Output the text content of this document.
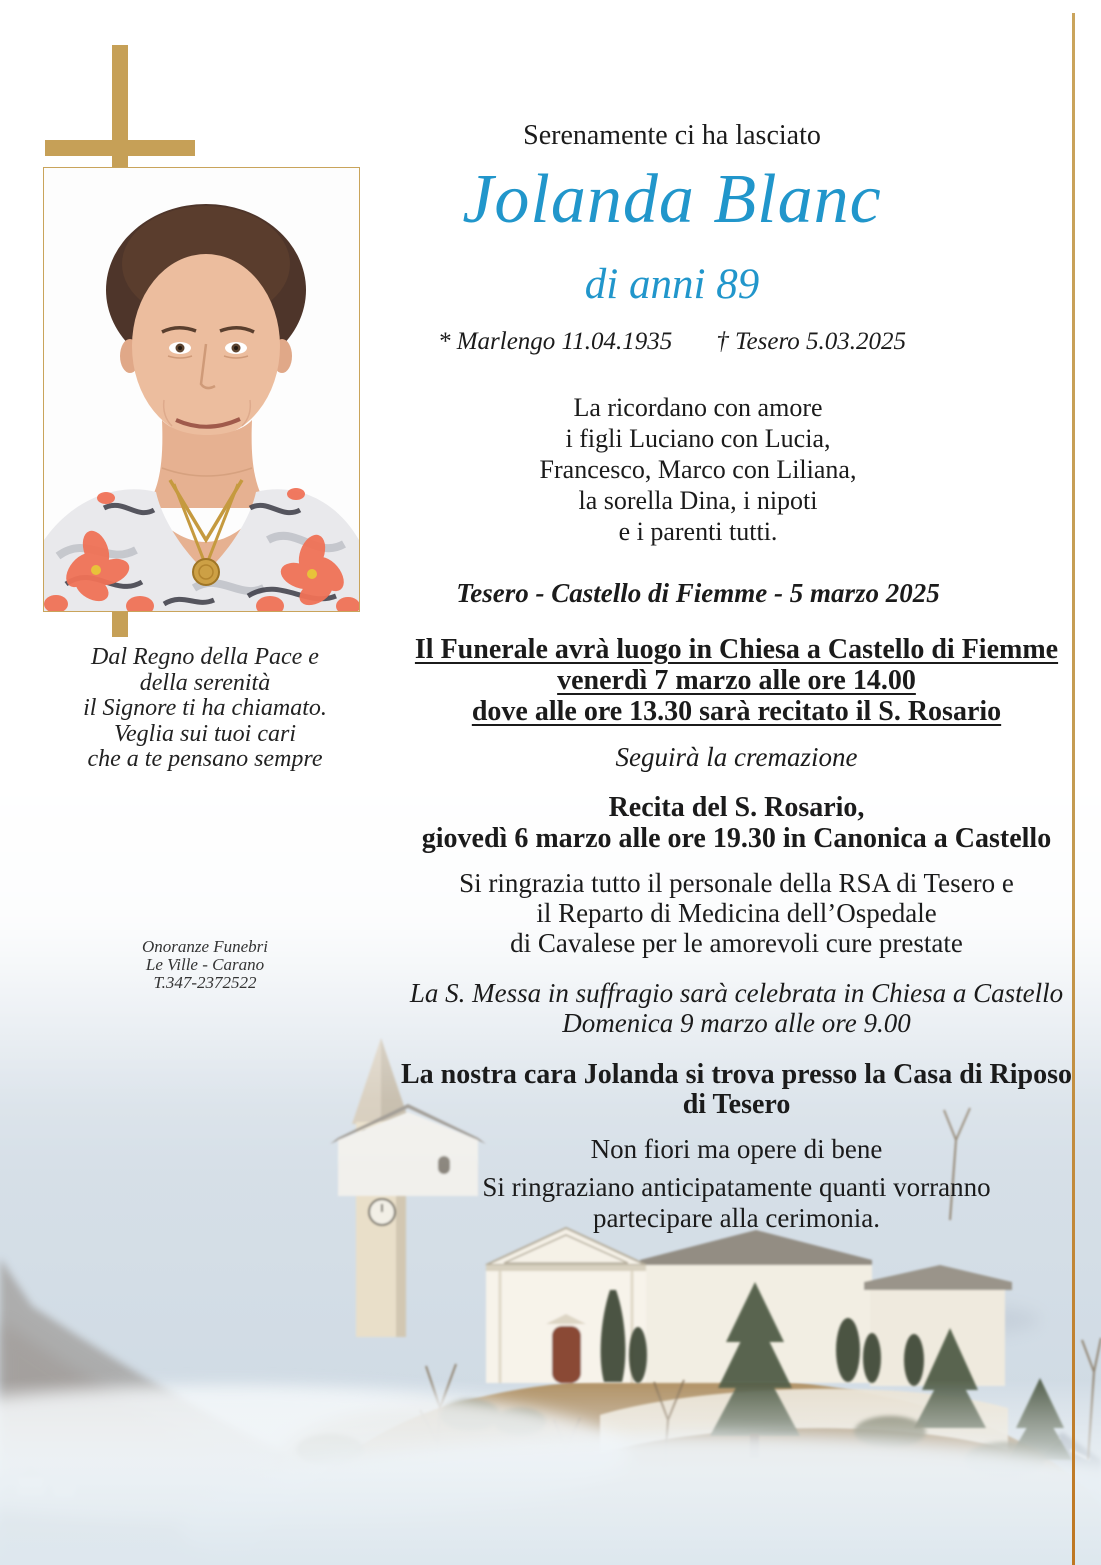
Serenamente ci ha lasciato
Jolanda Blanc
di anni 89
* Marlengo 11.04.1935 † Tesero 5.03.2025
La ricordano con amore
i figli Luciano con Lucia,
Francesco, Marco con Liliana,
la sorella Dina, i nipoti
e i parenti tutti.
Tesero - Castello di Fiemme - 5 marzo 2025
Il Funerale avrà luogo in Chiesa a Castello di Fiemme
venerdì 7 marzo alle ore 14.00
dove alle ore 13.30 sarà recitato il S. Rosario
Seguirà la cremazione
Recita del S. Rosario,
giovedì 6 marzo alle ore 19.30 in Canonica a Castello
Si ringrazia tutto il personale della RSA di Tesero e
il Reparto di Medicina dell’Ospedale
di Cavalese per le amorevoli cure prestate
La S. Messa in suffragio sarà celebrata in Chiesa a Castello
Domenica 9 marzo alle ore 9.00
La nostra cara Jolanda si trova presso la Casa di Riposo
di Tesero
Non fiori ma opere di bene
Si ringraziano anticipatamente quanti vorranno
partecipare alla cerimonia.
Dal Regno della Pace e
della serenità
il Signore ti ha chiamato.
Veglia sui tuoi cari
che a te pensano sempre
Onoranze Funebri
Le Ville - Carano
T.347-2372522
